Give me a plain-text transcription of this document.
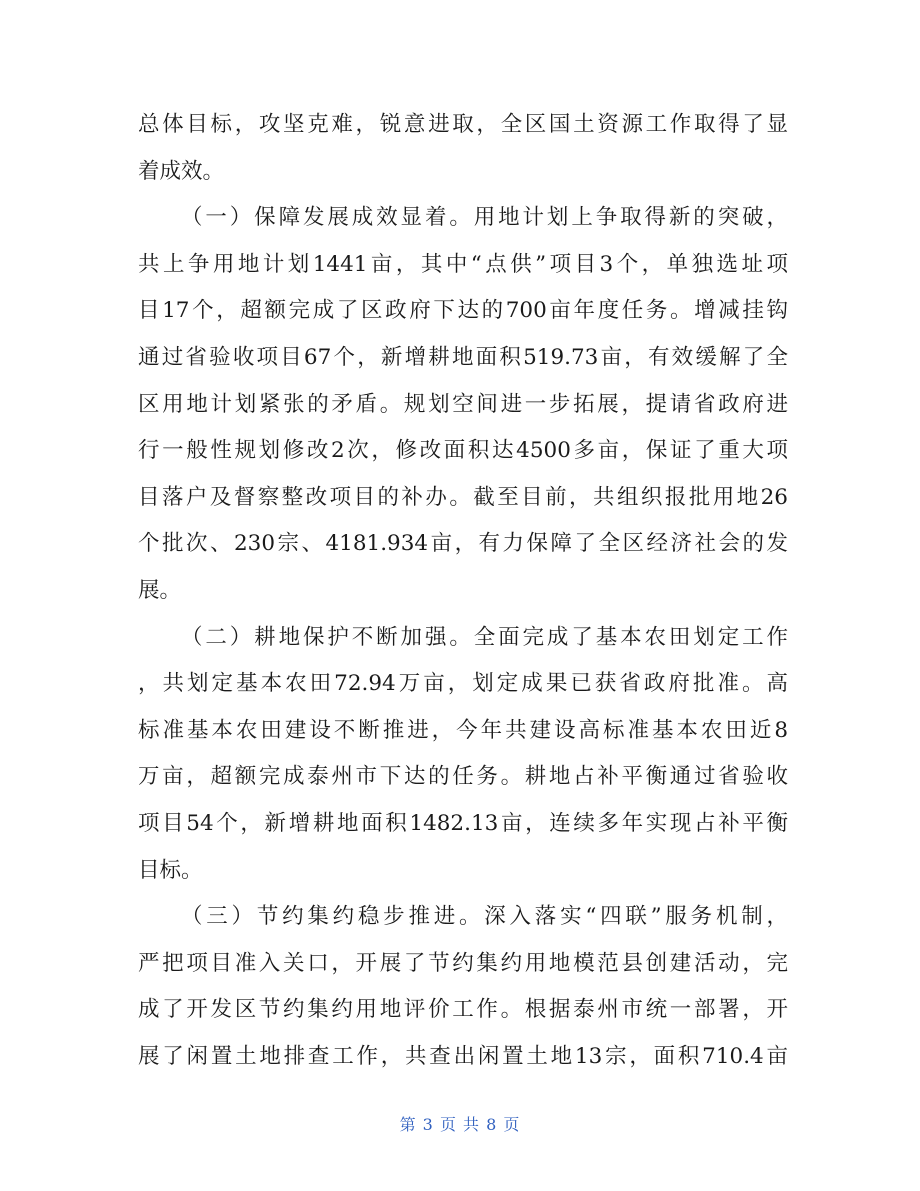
总体目标，攻坚克难，锐意进取，全区国土资源工作取得了显
着成效。
（一）保障发展成效显着。用地计划上争取得新的突破，
共上争用地计划1441亩，其中“点供”项目3个，单独选址项
目17个，超额完成了区政府下达的700亩年度任务。增减挂钩
通过省验收项目67个，新增耕地面积519.73亩，有效缓解了全
区用地计划紧张的矛盾。规划空间进一步拓展，提请省政府进
行一般性规划修改2次，修改面积达4500多亩，保证了重大项
目落户及督察整改项目的补办。截至目前，共组织报批用地26
个批次、230宗、4181.934亩，有力保障了全区经济社会的发
展。
（二）耕地保护不断加强。全面完成了基本农田划定工作
，共划定基本农田72.94万亩，划定成果已获省政府批准。高
标准基本农田建设不断推进，今年共建设高标准基本农田近8
万亩，超额完成泰州市下达的任务。耕地占补平衡通过省验收
项目54个，新增耕地面积1482.13亩，连续多年实现占补平衡
目标。
（三）节约集约稳步推进。深入落实“四联”服务机制，
严把项目准入关口，开展了节约集约用地模范县创建活动，完
成了开发区节约集约用地评价工作。根据泰州市统一部署，开
展了闲置土地排查工作，共查出闲置土地13宗，面积710.4亩
第 3 页 共 8 页
